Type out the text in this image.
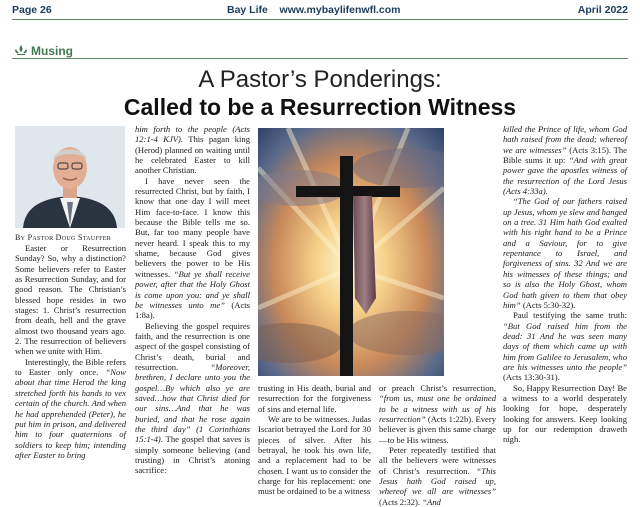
Page 26	Bay Life www.mybaylifenwfl.com	April 2022
Musing
A Pastor’s Ponderings:
Called to be a Resurrection Witness
By Pastor Doug Stauffer

Easter or Resurrection Sunday? So, why a distinction? Some believers refer to Easter as Resurrection Sunday, and for good reason. The Christian’s blessed hope resides in two stages: 1. Christ’s resurrection from death, hell and the grave almost two thousand years ago. 2. The resurrection of believers when we unite with Him.

Interestingly, the Bible refers to Easter only once. “Now about that time Herod the king stretched forth his hands to vex certain of the church. And when he had apprehended (Peter), he put him in prison, and delivered him to four quaternions of soldiers to keep him; intending after Easter to bring

him forth to the people (Acts 12:1-4 KJV). This pagan king (Herod) planned on waiting until he celebrated Easter to kill another Christian.

I have never seen the resurrected Christ, but by faith, I know that one day I will meet Him face-to-face. I know this because the Bible tells me so. But, far too many people have never heard. I speak this to my shame, because God gives believers the power to be His witnesses. “But ye shall receive power, after that the Holy Ghost is come upon you: and ye shall be witnesses unto me” (Acts 1:8a).

Believing the gospel requires faith, and the resurrection is one aspect of the gospel consisting of Christ’s death, burial and resurrection.	“Moreover, brethren, I declare unto you the gospel…By which also ye are saved…how that Christ died for our sins…And that he was buried, and that he rose again the third day” (1 Corinthians 15:1-4). The gospel that saves is simply someone believing (and trusting) in Christ’s atoning sacrifice:

trusting in His death, burial and resurrection for the forgiveness of sins and eternal life.

We are to be witnesses. Judas Iscariot betrayed the Lord for 30 pieces of silver. After his betrayal, he took his own life, and a replacement had to be chosen. I want us to consider the charge for his replacement: one must be ordained to be a witness

or preach Christ’s resurrection, “from us, must one be ordained to be a witness with us of his resurrection” (Acts 1:22b). Every believer is given this same charge—to be His witness.

Peter repeatedly testified that all the believers were witnesses of Christ’s resurrection. “This Jesus hath God raised up, whereof we all are witnesses” (Acts 2:32). “And

killed the Prince of life, whom God hath raised from the dead; whereof we are witnesses” (Acts 3:15). The Bible sums it up: “And with great power gave the apostles witness of the resurrection of the Lord Jesus (Acts 4:33a).

“The God of our fathers raised up Jesus, whom ye slew and hanged on a tree. 31 Him hath God exalted with his right hand to be a Prince and a Saviour, for to give repentance to Israel, and forgiveness of sins. 32 And we are his witnesses of these things; and so is also the Holy Ghost, whom God hath given to them that obey him” (Acts 5:30-32).

Paul testifying the same truth: “But God raised him from the dead: 31 And he was seen many days of them which came up with him from Galilee to Jerusalem, who are his witnesses unto the people” (Acts 13:30-31).

So, Happy Resurrection Day! Be a witness to a world desperately looking for hope, desperately looking for answers. Keep looking up for our redemption draweth nigh.
